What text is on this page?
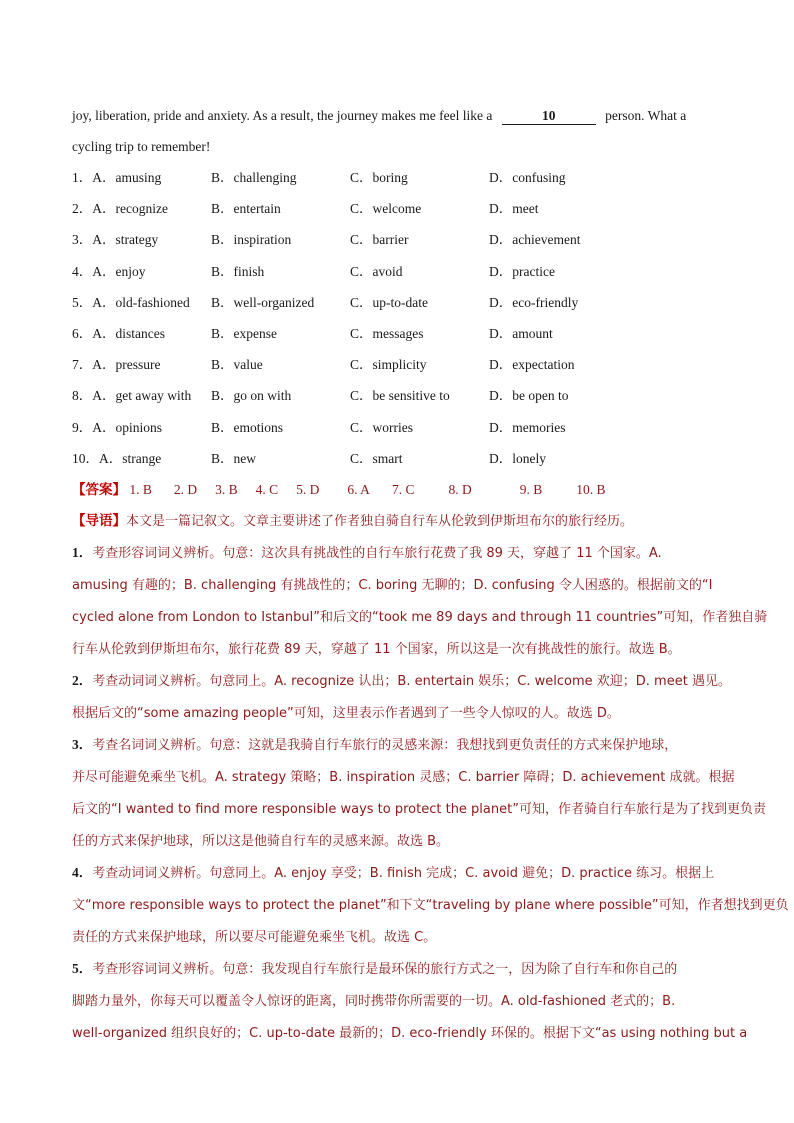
joy, liberation, pride and anxiety. As a result, the journey makes me feel like a	10	person. What a
cycling trip to remember!
1．A．amusing	B．challenging	C．boring	D．confusing
2．A．recognize	B．entertain	C．welcome	D．meet
3．A．strategy	B．inspiration	C．barrier	D．achievement
4．A．enjoy	B．finish	C．avoid	D．practice
5．A．old-fashioned	B．well-organized	C．up-to-date	D．eco-friendly
6．A．distances	B．expense	C．messages	D．amount
7．A．pressure	B．value	C．simplicity	D．expectation
8．A．get away with	B．go on with	C．be sensitive to	D．be open to
9．A．opinions	B．emotions	C．worries	D．memories
10．A．strange	B．new	C．smart	D．lonely
【答案】 1. B 2. D 3. B 4. C 5. D 6. A 7. C	8. D	9. B	10. B
【导语】本文是一篇记叙文。文章主要讲述了作者独自骑自行车从伦敦到伊斯坦布尔的旅行经历。

1．考查形容词词义辨析。句意：这次具有挑战性的自行车旅行花费了我 89 天，穿越了 11 个国家。A.

amusing 有趣的；B. challenging 有挑战性的；C. boring 无聊的；D. confusing 令人困惑的。根据前文的“I

cycled alone from London to Istanbul”和后文的“took me 89 days and through 11 countries”可知，作者独自骑

行车从伦敦到伊斯坦布尔，旅行花费 89 天，穿越了 11 个国家，所以这是一次有挑战性的旅行。故选 B。

2．考查动词词义辨析。句意同上。A. recognize 认出；B. entertain 娱乐；C. welcome 欢迎；D. meet 遇见。

根据后文的“some amazing people”可知，这里表示作者遇到了一些令人惊叹的人。故选 D。

3．考查名词词义辨析。句意：这就是我骑自行车旅行的灵感来源：我想找到更负责任的方式来保护地球，

并尽可能避免乘坐飞机。A. strategy 策略；B. inspiration 灵感；C. barrier 障碍；D. achievement 成就。根据

后文的“I wanted to find more responsible ways to protect the planet”可知，作者骑自行车旅行是为了找到更负责

任的方式来保护地球，所以这是他骑自行车的灵感来源。故选 B。

4．考查动词词义辨析。句意同上。A. enjoy 享受；B. finish 完成；C. avoid 避免；D. practice 练习。根据上

文“more responsible ways to protect the planet”和下文“traveling by plane where possible”可知，作者想找到更负

责任的方式来保护地球，所以要尽可能避免乘坐飞机。故选 C。

5．考查形容词词义辨析。句意：我发现自行车旅行是最环保的旅行方式之一，因为除了自行车和你自己的

脚踏力量外，你每天可以覆盖令人惊讶的距离，同时携带你所需要的一切。A. old-fashioned 老式的；B.

well-organized 组织良好的；C. up-to-date 最新的；D. eco-friendly 环保的。根据下文“as using nothing but a
